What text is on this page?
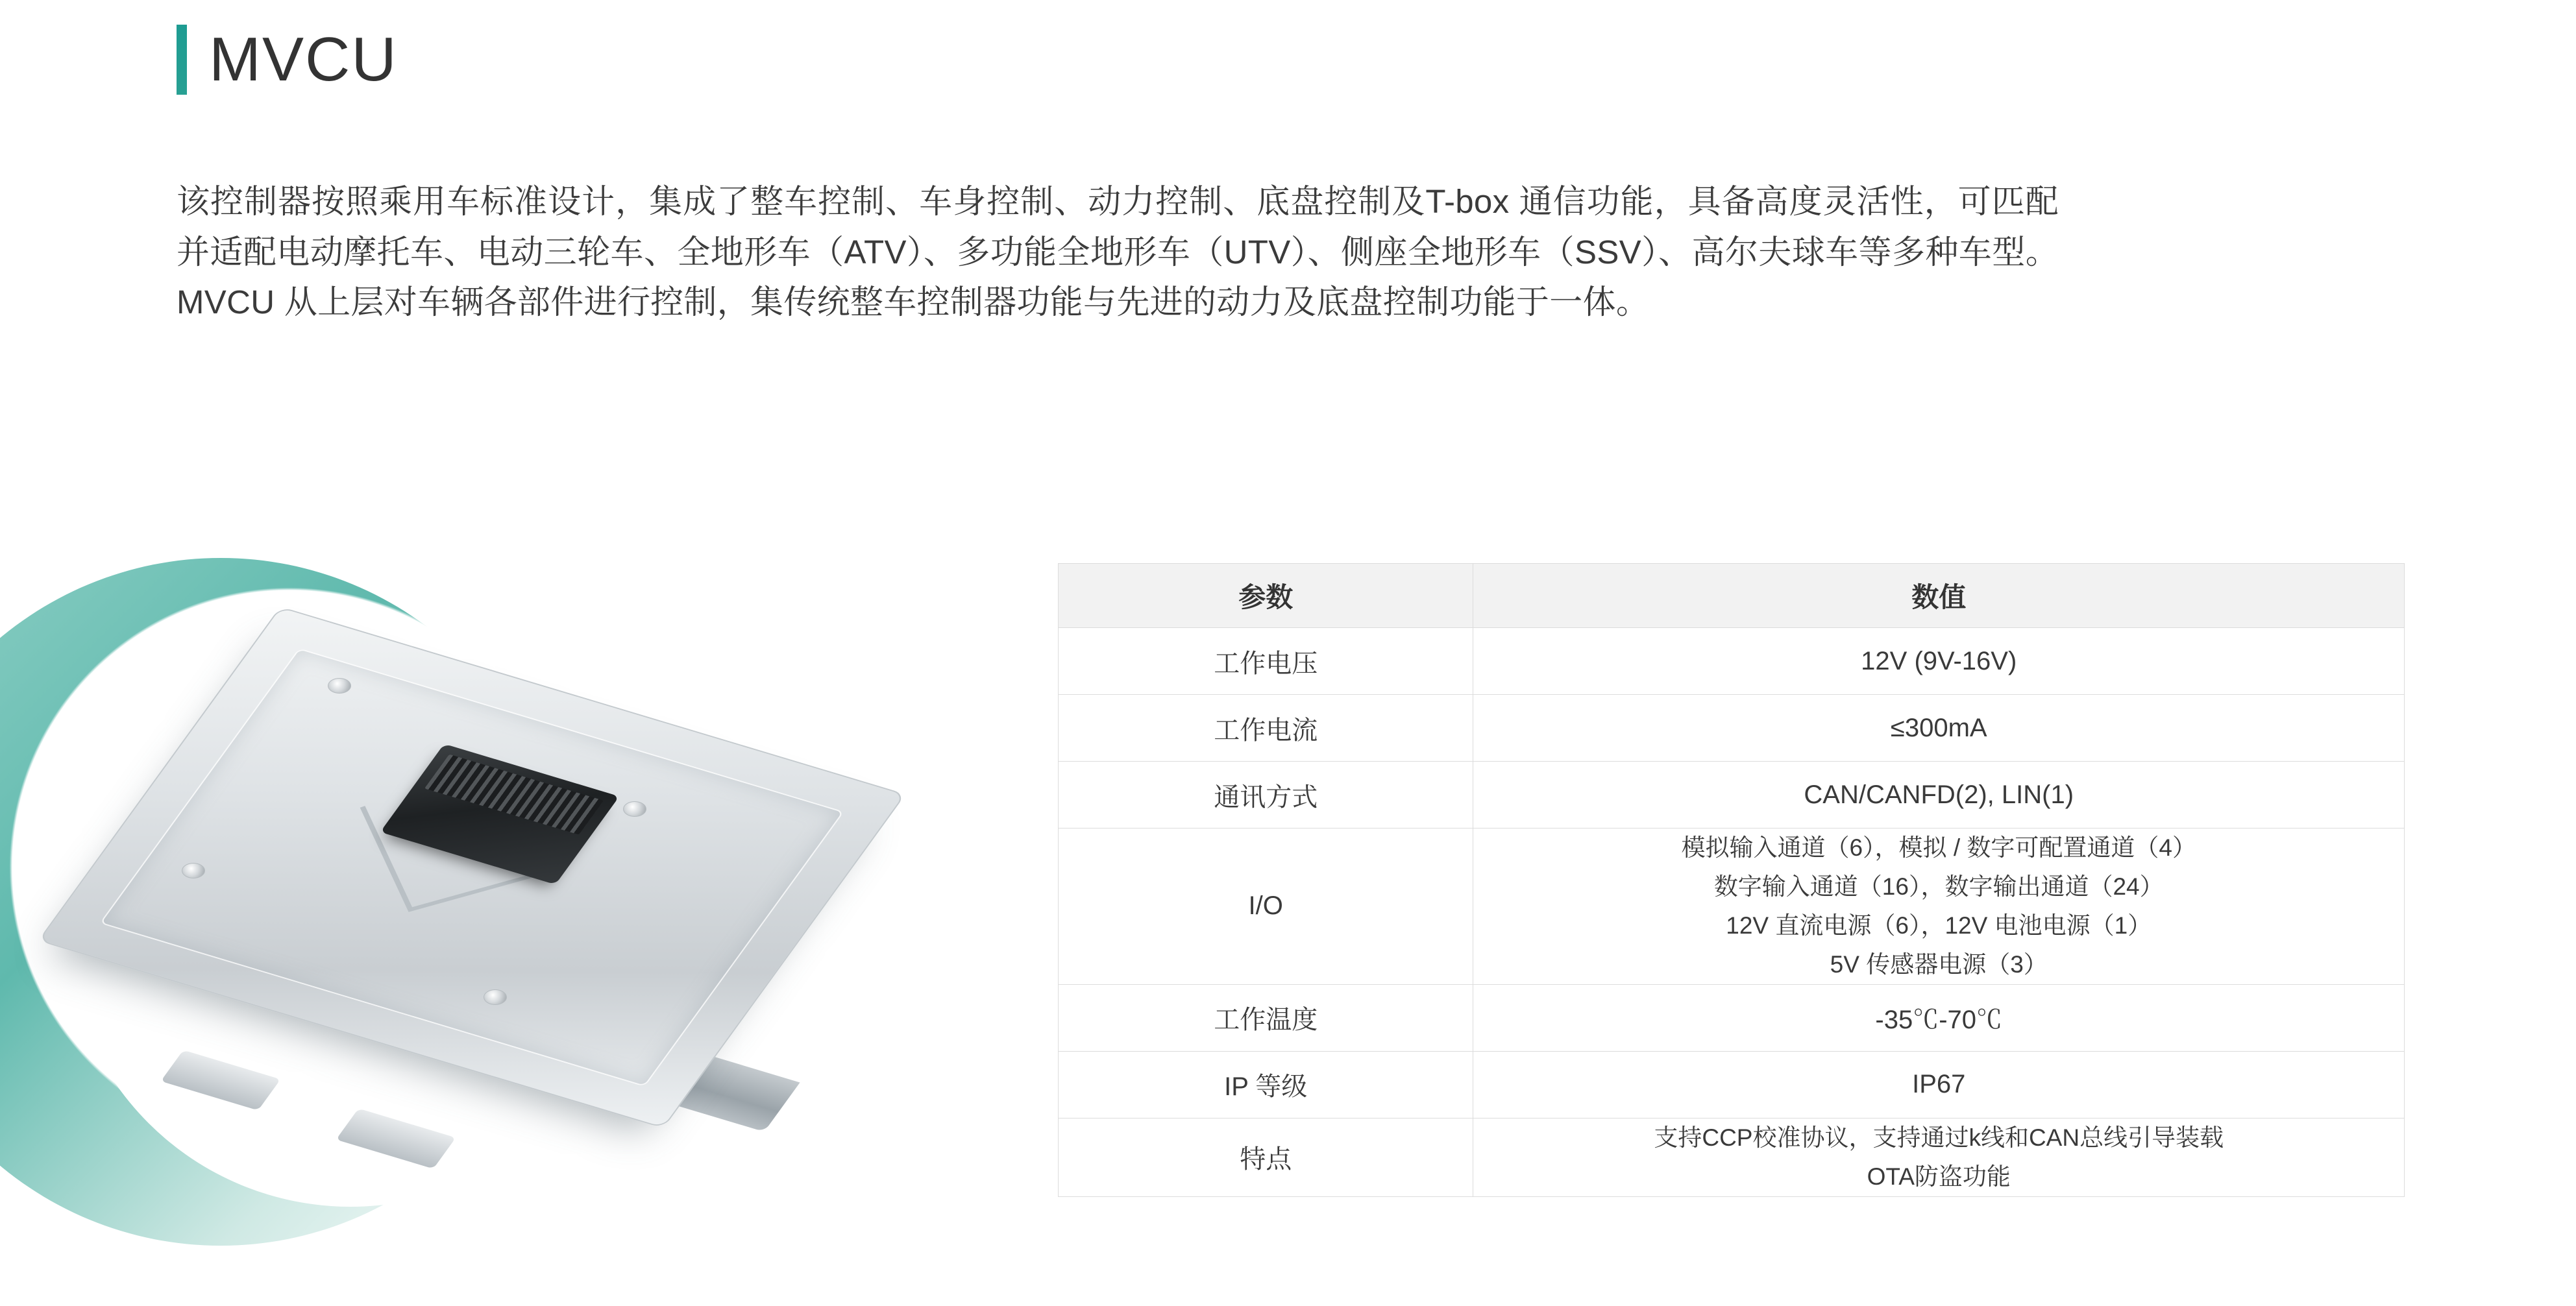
MVCU
该控制器按照乘用车标准设计，集成了整车控制、车身控制、动力控制、底盘控制及T-box 通信功能，具备高度灵活性，可匹配并适配电动摩托车、电动三轮车、全地形车（ATV）、多功能全地形车（UTV）、侧座全地形车（SSV）、高尔夫球车等多种车型。MVCU 从上层对车辆各部件进行控制，集传统整车控制器功能与先进的动力及底盘控制功能于一体。
参数	数值
工作电压	12V (9V-16V)
工作电流	≤300mA
通讯方式	CAN/CANFD(2), LIN(1)
I/O	模拟输入通道（6），模拟 / 数字可配置通道（4）
数字输入通道（16），数字输出通道（24）
12V 直流电源（6），12V 电池电源（1）
5V 传感器电源（3）

工作温度	-35℃-70℃
IP 等级	IP67
特点	支持CCP校准协议，支持通过k线和CAN总线引导装载
OTA防盗功能
